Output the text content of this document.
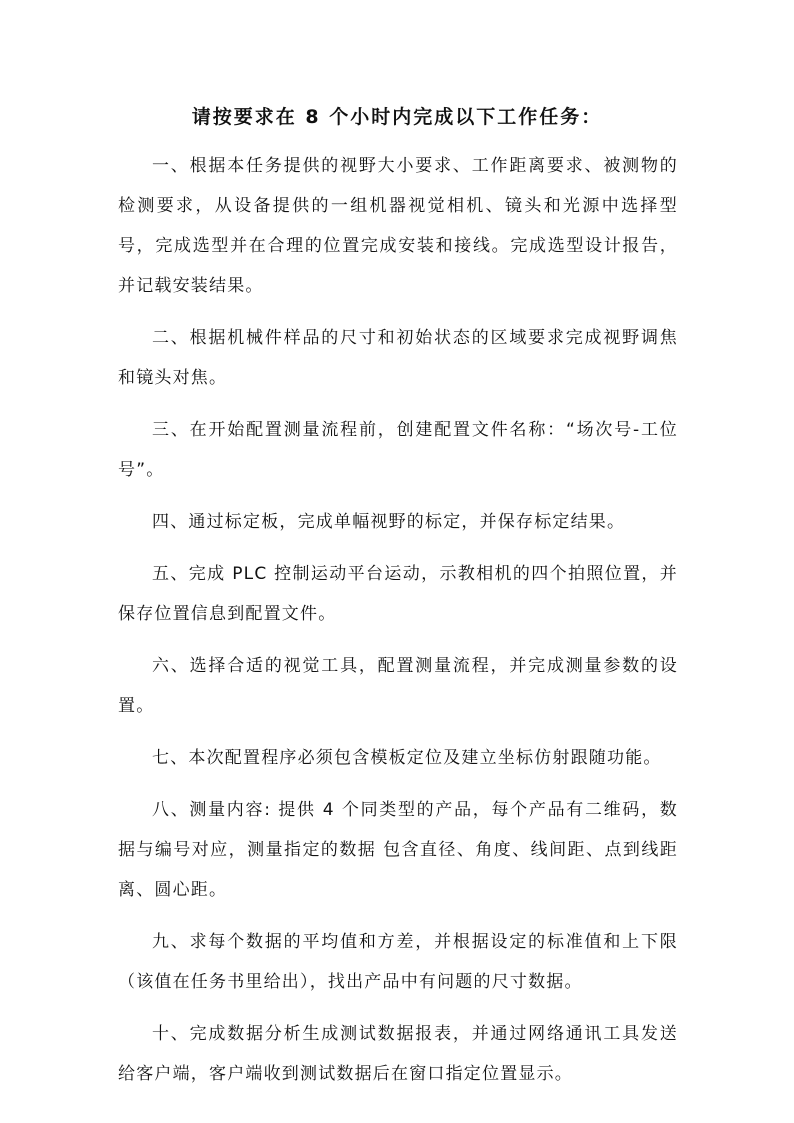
请按要求在 8 个小时内完成以下工作任务：

一、根据本任务提供的视野大小要求、工作距离要求、被测物的检测要求，从设备提供的一组机器视觉相机、镜头和光源中选择型号，完成选型并在合理的位置完成安装和接线。完成选型设计报告，并记载安装结果。

二、根据机械件样品的尺寸和初始状态的区域要求完成视野调焦和镜头对焦。

三、在开始配置测量流程前，创建配置文件名称：“场次号-工位号”。

四、通过标定板，完成单幅视野的标定，并保存标定结果。

五、完成 PLC 控制运动平台运动，示教相机的四个拍照位置，并保存位置信息到配置文件。

六、选择合适的视觉工具，配置测量流程，并完成测量参数的设置。

七、本次配置程序必须包含模板定位及建立坐标仿射跟随功能。

八、测量内容: 提供 4 个同类型的产品，每个产品有二维码，数据与编号对应，测量指定的数据 包含直径、角度、线间距、点到线距离、圆心距。

九、求每个数据的平均值和方差，并根据设定的标准值和上下限（该值在任务书里给出），找出产品中有问题的尺寸数据。

十、完成数据分析生成测试数据报表，并通过网络通讯工具发送给客户端，客户端收到测试数据后在窗口指定位置显示。
